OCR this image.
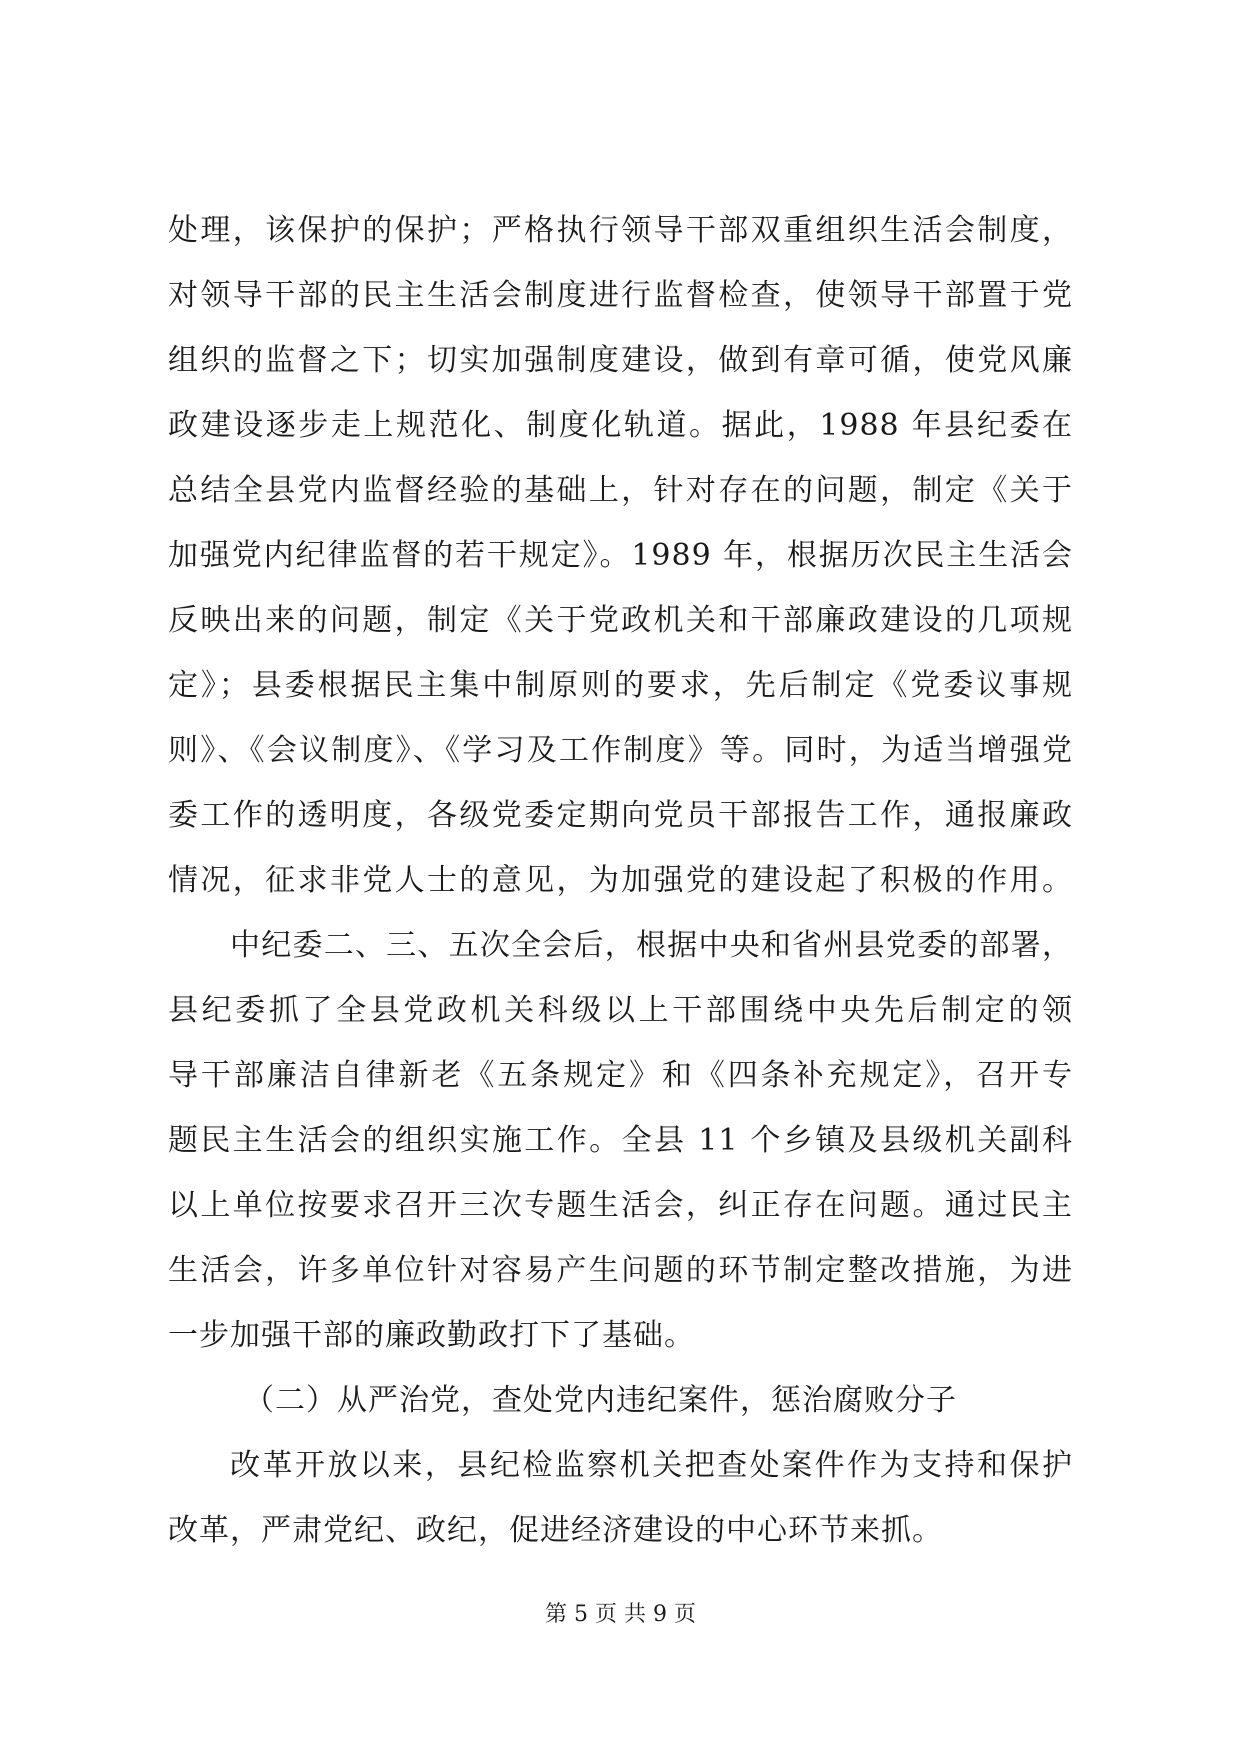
处理，该保护的保护；严格执行领导干部双重组织生活会制度，
对领导干部的民主生活会制度进行监督检查，使领导干部置于党
组织的监督之下；切实加强制度建设，做到有章可循，使党风廉
政建设逐步走上规范化、制度化轨道。据此，1988 年县纪委在
总结全县党内监督经验的基础上，针对存在的问题，制定《关于
加强党内纪律监督的若干规定》。1989 年，根据历次民主生活会
反映出来的问题，制定《关于党政机关和干部廉政建设的几项规
定》；县委根据民主集中制原则的要求，先后制定《党委议事规
则》、《会议制度》、《学习及工作制度》等。同时，为适当增强党
委工作的透明度，各级党委定期向党员干部报告工作，通报廉政
情况，征求非党人士的意见，为加强党的建设起了积极的作用。
中纪委二、三、五次全会后，根据中央和省州县党委的部署，
县纪委抓了全县党政机关科级以上干部围绕中央先后制定的领
导干部廉洁自律新老《五条规定》和《四条补充规定》，召开专
题民主生活会的组织实施工作。全县 11 个乡镇及县级机关副科
以上单位按要求召开三次专题生活会，纠正存在问题。通过民主
生活会，许多单位针对容易产生问题的环节制定整改措施，为进
一步加强干部的廉政勤政打下了基础。
（二）从严治党，查处党内违纪案件，惩治腐败分子
改革开放以来，县纪检监察机关把查处案件作为支持和保护
改革，严肃党纪、政纪，促进经济建设的中心环节来抓。
第 5 页 共 9 页
